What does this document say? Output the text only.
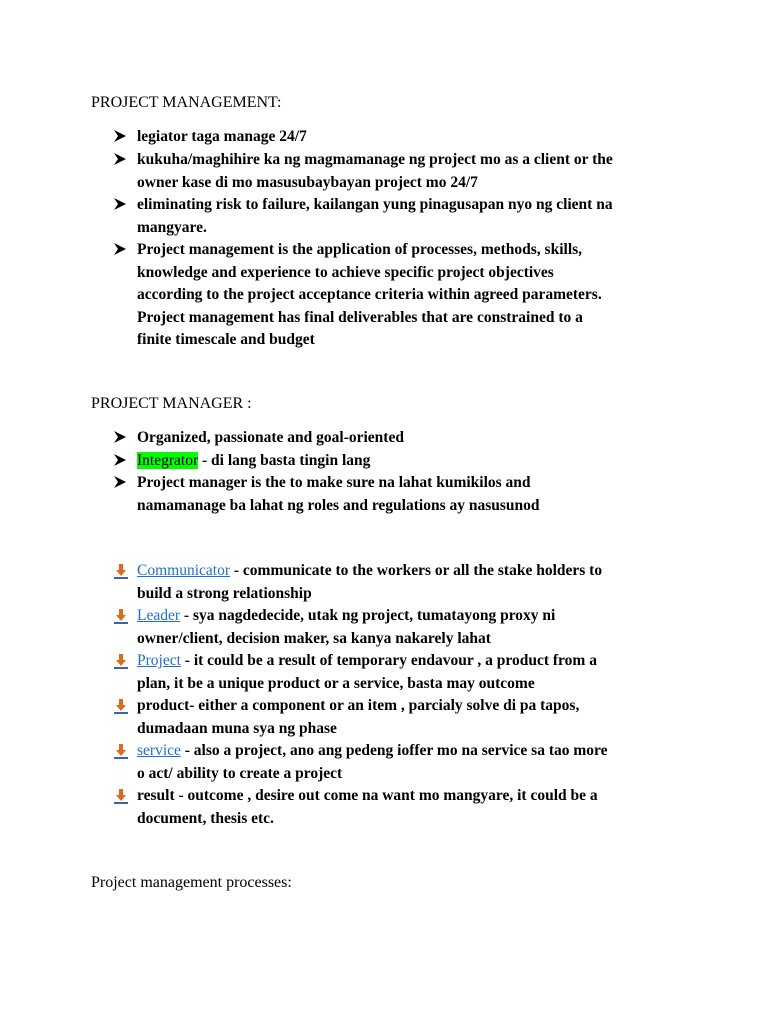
PROJECT MANAGEMENT:
legiator taga manage 24/7
kukuha/maghihire ka ng magmamanage ng project mo as a client or the
owner kase di mo masusubaybayan project mo 24/7
eliminating risk to failure, kailangan yung pinagusapan nyo ng client na
mangyare.
Project management is the application of processes, methods, skills,
knowledge and experience to achieve specific project objectives
according to the project acceptance criteria within agreed parameters.
Project management has final deliverables that are constrained to a
finite timescale and budget
PROJECT MANAGER :
Organized, passionate and goal-oriented
Integrator - di lang basta tingin lang
Project manager is the to make sure na lahat kumikilos and
namamanage ba lahat ng roles and regulations ay nasusunod
Communicator - communicate to the workers or all the stake holders to
build a strong relationship
Leader - sya nagdedecide, utak ng project, tumatayong proxy ni
owner/client, decision maker, sa kanya nakarely lahat
Project - it could be a result of temporary endavour , a product from a
plan, it be a unique product or a service, basta may outcome
product- either a component or an item , parcialy solve di pa tapos,
dumadaan muna sya ng phase
service - also a project, ano ang pedeng ioffer mo na service sa tao more
o act/ ability to create a project
result - outcome , desire out come na want mo mangyare, it could be a
document, thesis etc.
Project management processes:
